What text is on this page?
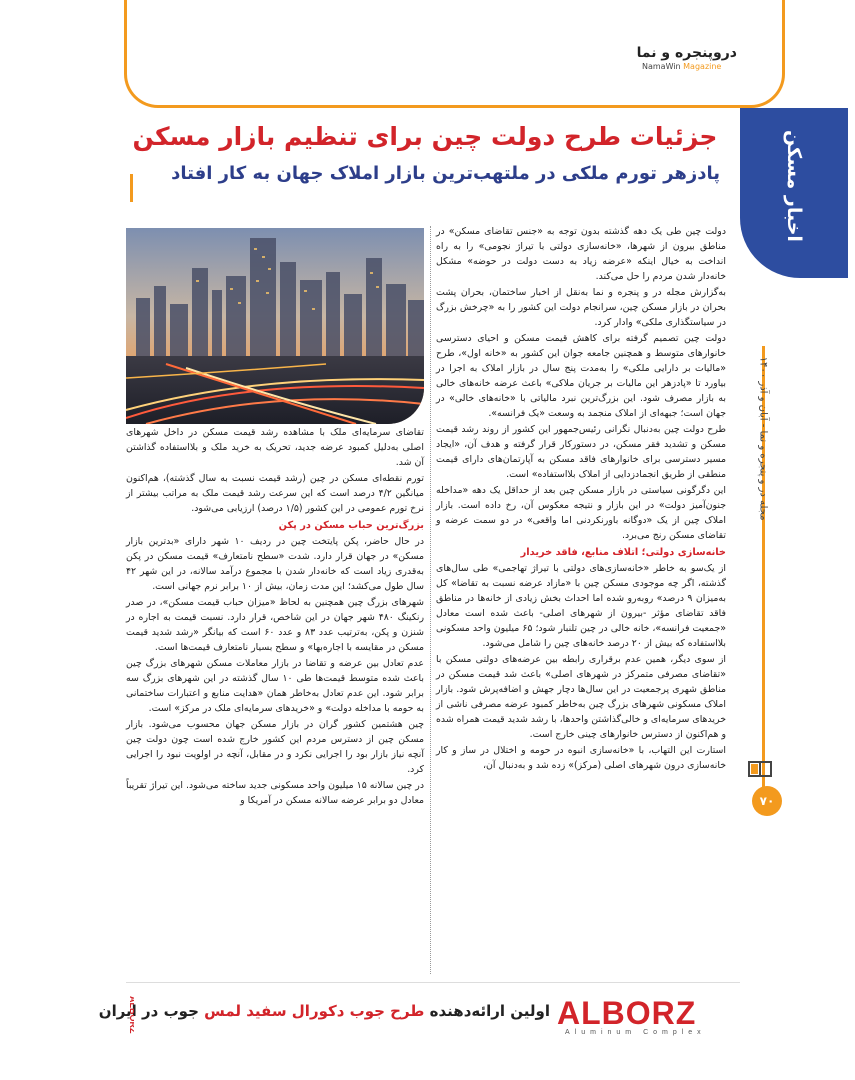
دروپنجره و نما
NamaWin Magazine
اخبار مسکن
جزئیات طرح دولت چین برای تنظیم بازار مسکن
پادزهر تورم ملکی در ملتهب‌ترین بازار املاک جهان به کار افتاد

دولت چین طی یک دهه گذشته بدون توجه به «جنس تقاضای مسکن» در مناطق بیرون از شهرها، «خانه‌سازی دولتی با تیراژ نجومی» را به راه انداخت به خیال اینکه «عرضه زیاد به دست دولت در حوضه» مشکل خانه‌دار شدن مردم را حل می‌کند.

به‌گزارش مجله در و پنجره و نما به‌نقل از اخبار ساختمان، بحران پشت بحران در بازار مسکن چین، سرانجام دولت این کشور را به «چرخش بزرگ در سیاستگذاری ملکی» وادار کرد.

دولت چین تصمیم گرفته برای کاهش قیمت مسکن و احیای دسترسی خانوارهای متوسط و همچنین جامعه جوان این کشور به «خانه اول»، طرح «مالیات بر دارایی ملکی» را به‌مدت پنج سال در بازار املاک به اجرا در بیاورد تا «پادزهر این مالیات بر جریان ملاکی» باعث عرضه خانه‌های خالی به بازار مصرف شود. این بزرگ‌ترین نبرد مالیاتی با «خانه‌های خالی» در جهان است؛ جبهه‌ای از املاک منجمد به وسعت «یک فرانسه».

طرح دولت چین به‌دنبال نگرانی رئیس‌جمهور این کشور از روند رشد قیمت مسکن و تشدید فقر مسکن، در دستورکار قرار گرفته و هدف آن، «ایجاد مسیر دسترسی برای خانوارهای فاقد مسکن به آپارتمان‌های دارای قیمت منطقی از طریق انجمادزدایی از املاک بلااستفاده» است.

این دگرگونی سیاستی در بازار مسکن چین بعد از حداقل یک دهه «مداخله جنون‌آمیز دولت» در این بازار و نتیجه معکوس آن، رخ داده است. بازار املاک چین از یک «دوگانه باورنکردنی اما واقعی» در دو سمت عرضه و تقاضای مسکن رنج می‌برد.

خانه‌سازی دولتی؛ اتلاف منابع، فاقد خریدار

از یک‌سو به خاطر «خانه‌سازی‌های دولتی با تیراژ تهاجمی» طی سال‌های گذشته، اگر چه موجودی مسکن چین با «مازاد عرضه نسبت به تقاضا» کل به‌میزان ۹ درصد» روبه‌رو شده اما احداث بخش زیادی از خانه‌ها در مناطق فاقد تقاضای مؤثر -بیرون از شهرهای اصلی- باعث شده است معادل «جمعیت فرانسه»، خانه خالی در چین تلنبار شود؛ ۶۵ میلیون واحد مسکونی بلااستفاده که بیش از ۲۰ درصد خانه‌های چین را شامل می‌شود.

از سوی دیگر، همین عدم برقراری رابطه بین عرضه‌های دولتی مسکن با «تقاضای مصرفی متمرکز در شهرهای اصلی» باعث شد قیمت مسکن در مناطق شهری پرجمعیت در این سال‌ها دچار جهش و اضافه‌پرش شود. بازار املاک مسکونی شهرهای بزرگ چین به‌خاطر کمبود عرضه مصرفی ناشی از خریدهای سرمایه‌ای و خالی‌گذاشتن واحدها، با رشد شدید قیمت همراه شده و هم‌اکنون از دسترس خانوارهای چینی خارج است.

استارت این التهاب، با «خانه‌سازی انبوه در حومه و اختلال در ساز و کار خانه‌سازی درون شهرهای اصلی (مرکز)» زده شد و به‌دنبال آن،

تقاضای سرمایه‌ای ملک با مشاهده رشد قیمت مسکن در داخل شهرهای اصلی به‌دلیل کمبود عرضه جدید، تحریک به خرید ملک و بلااستفاده گذاشتن آن شد.

تورم نقطه‌ای مسکن در چین (رشد قیمت نسبت به سال گذشته)، هم‌اکنون میانگین ۴/۲ درصد است که این سرعت رشد قیمت ملک به مراتب بیشتر از نرخ تورم عمومی در این کشور (۱/۵ درصد) ارزیابی می‌شود.

بزرگ‌ترین حباب مسکن در پکن

در حال حاضر، پکن پایتخت چین در ردیف ۱۰ شهر دارای «بدترین بازار مسکن» در جهان قرار دارد. شدت «سطح نامتعارف» قیمت مسکن در پکن به‌قدری زیاد است که خانه‌دار شدن با مجموع درآمد سالانه، در این شهر ۴۲ سال طول می‌کشد؛ این مدت زمان، بیش از ۱۰ برابر نرم جهانی است.

شهرهای بزرگ چین همچنین به لحاظ «میزان حباب قیمت مسکن»، در صدر رنکینگ ۴۸۰ شهر جهان در این شاخص، قرار دارد. نسبت قیمت به اجاره در شنزن و پکن، به‌ترتیب عدد ۸۳ و عدد ۶۰ است که بیانگر «رشد شدید قیمت مسکن در مقایسه با اجاره‌بها» و سطح بسیار نامتعارف قیمت‌ها است.

عدم تعادل بین عرضه و تقاضا در بازار معاملات مسکن شهرهای بزرگ چین باعث شده متوسط قیمت‌ها طی ۱۰ سال گذشته در این شهرهای بزرگ سه برابر شود. این عدم تعادل به‌خاطر همان «هدایت منابع و اعتبارات ساختمانی به حومه با مداخله دولت» و «خریدهای سرمایه‌ای ملک در مرکز» است.

چین هشتمین کشور گران در بازار مسکن جهان محسوب می‌شود. بازار مسکن چین از دسترس مردم این کشور خارج شده است چون دولت چین آنچه نیاز بازار بود را اجرایی نکرد و در مقابل، آنچه در اولویت نبود را اجرایی کرد.

در چین سالانه ۱۵ میلیون واحد مسکونی جدید ساخته می‌شود. این تیراژ تقریباً معادل دو برابر عرضه سالانه مسکن در آمریکا و

مجله در و پنجره و نما - آبان و آذر ۱۴۰۰
۷۰
ALBORZ
Aluminum Complex
اولین ارائه‌دهنده طرح جوب دکورال سفید لمس جوب در ایران
ALBORZ
